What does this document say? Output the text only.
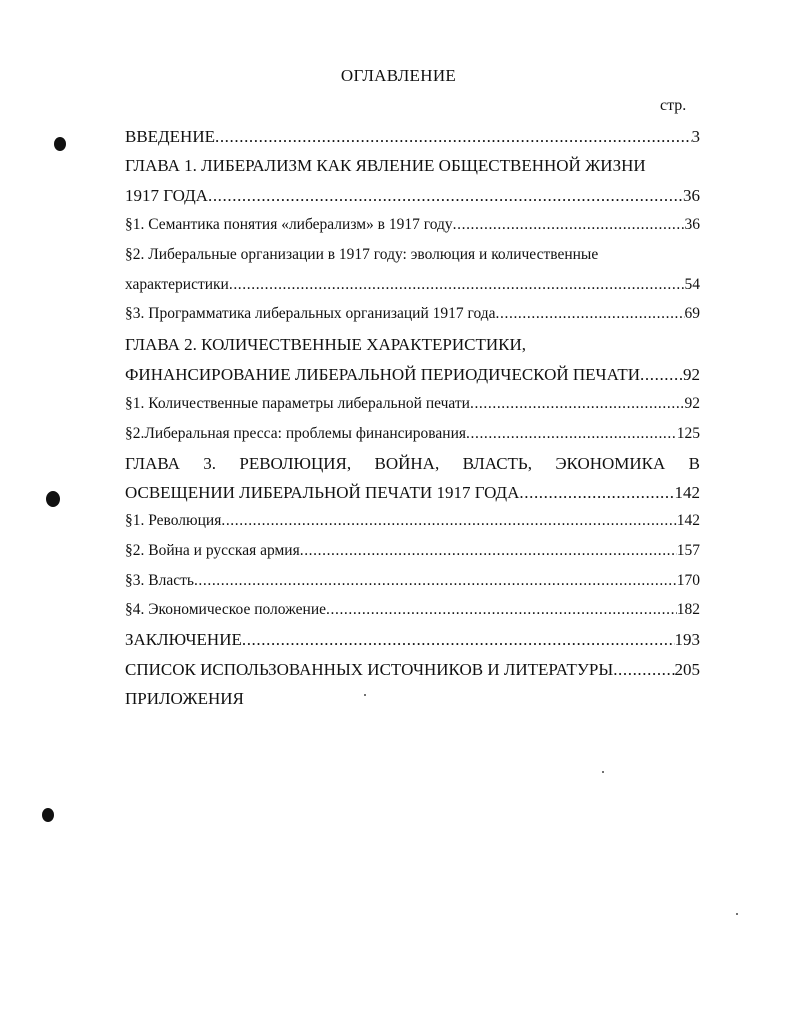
ОГЛАВЛЕНИЕ
стр.
ВВЕДЕНИЕ .....	3
ГЛАВА 1. ЛИБЕРАЛИЗМ КАК ЯВЛЕНИЕ ОБЩЕСТВЕННОЙ ЖИЗНИ
1917 ГОДА .....	36
§1. Семантика понятия «либерализм» в 1917 году .....	36
§2. Либеральные организации в 1917 году: эволюция и количественные
характеристики .....	54
§3. Программатика либеральных организаций 1917 года .....	69
ГЛАВА 2. КОЛИЧЕСТВЕННЫЕ ХАРАКТЕРИСТИКИ,
ФИНАНСИРОВАНИЕ ЛИБЕРАЛЬНОЙ ПЕРИОДИЧЕСКОЙ ПЕЧАТИ .....	92
§1. Количественные параметры либеральной печати .....	92
§2.Либеральная пресса: проблемы финансирования .....	125
ГЛАВА 3. РЕВОЛЮЦИЯ, ВОЙНА, ВЛАСТЬ, ЭКОНОМИКА В
ОСВЕЩЕНИИ ЛИБЕРАЛЬНОЙ ПЕЧАТИ 1917 ГОДА .....	142
§1. Революция .....	142
§2. Война и русская армия .....	157
§3. Власть .....	170
§4. Экономическое положение .....	182
ЗАКЛЮЧЕНИЕ .....	193
СПИСОК ИСПОЛЬЗОВАННЫХ ИСТОЧНИКОВ И ЛИТЕРАТУРЫ .....	205
ПРИЛОЖЕНИЯ
